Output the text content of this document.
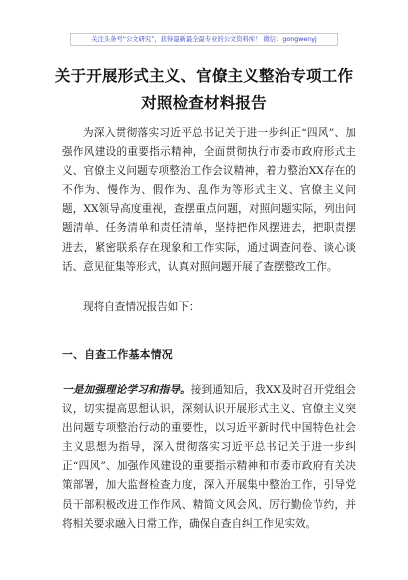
关注头条号“公文研究”，获得最新最全最专业的公文资料库！ 微信：gongwenyj
关于开展形式主义、官僚主义整治专项工作
对照检查材料报告

为深入贯彻落实习近平总书记关于进一步纠正“四风”、加强作风建设的重要指示精神，全面贯彻执行市委市政府形式主义、官僚主义问题专项整治工作会议精神，着力整治XX存在的不作为、慢作为、假作为、乱作为等形式主义、官僚主义问题，XX领导高度重视，查摆重点问题，对照问题实际，列出问题清单、任务清单和责任清单，坚持把作风摆进去，把职责摆进去，紧密联系存在现象和工作实际，通过调查问卷、谈心谈话、意见征集等形式，认真对照问题开展了查摆整改工作。

现将自查情况报告如下：

一、自查工作基本情况

一是加强理论学习和指导。接到通知后，我XX及时召开党组会议，切实提高思想认识，深刻认识开展形式主义、官僚主义突出问题专项整治行动的重要性，以习近平新时代中国特色社会主义思想为指导，深入贯彻落实习近平总书记关于进一步纠正“四风”、加强作风建设的重要指示精神和市委市政府有关决策部署，加大监督检查力度，深入开展集中整治工作，引导党员干部积极改进工作作风、精简文风会风、厉行勤俭节约，并将相关要求融入日常工作，确保自查自纠工作见实效。
